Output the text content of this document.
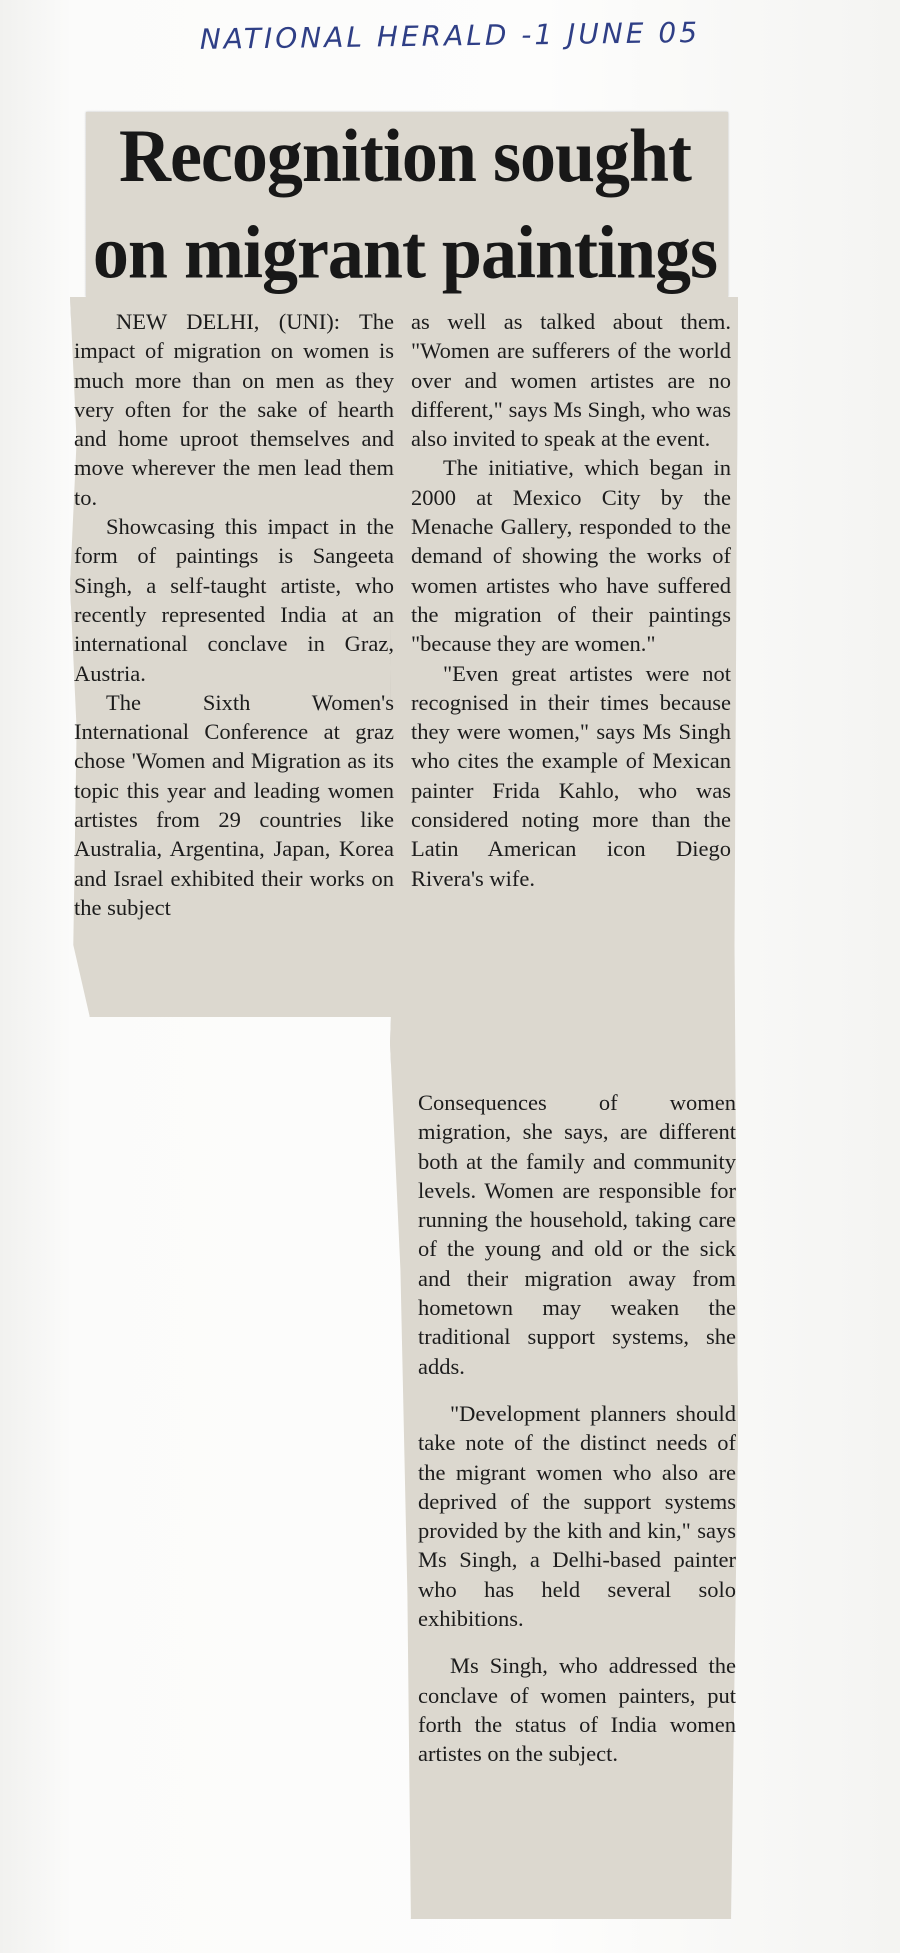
NATIONAL HERALD -1 JUNE 05
Recognition sought
on migrant paintings

NEW DELHI, (UNI): The impact of migration on women is much more than on men as they very often for the sake of hearth and home uproot themselves and move wherever the men lead them to.

Showcasing this impact in the form of paintings is Sangeeta Singh, a self-taught artiste, who recently represented India at an international conclave in Graz, Austria.

The Sixth Women's International Conference at graz chose 'Women and Migration as its topic this year and leading women artistes from 29 countries like Australia, Argentina, Japan, Korea and Israel exhibited their works on the subject

as well as talked about them. "Women are sufferers of the world over and women artistes are no different," says Ms Singh, who was also invited to speak at the event.

The initiative, which began in 2000 at Mexico City by the Menache Gallery, responded to the demand of showing the works of women artistes who have suffered the migration of their paintings "because they are women."

"Even great artistes were not recognised in their times because they were women," says Ms Singh who cites the example of Mexican painter Frida Kahlo, who was considered noting more than the Latin American icon Diego Rivera's wife.

Consequences of women migration, she says, are different both at the family and community levels. Women are responsible for running the household, taking care of the young and old or the sick and their migration away from hometown may weaken the traditional support systems, she adds.

"Development planners should take note of the distinct needs of the migrant women who also are deprived of the support systems provided by the kith and kin," says Ms Singh, a Delhi-based painter who has held several solo exhibitions.

Ms Singh, who addressed the conclave of women painters, put forth the status of India women artistes on the subject.
